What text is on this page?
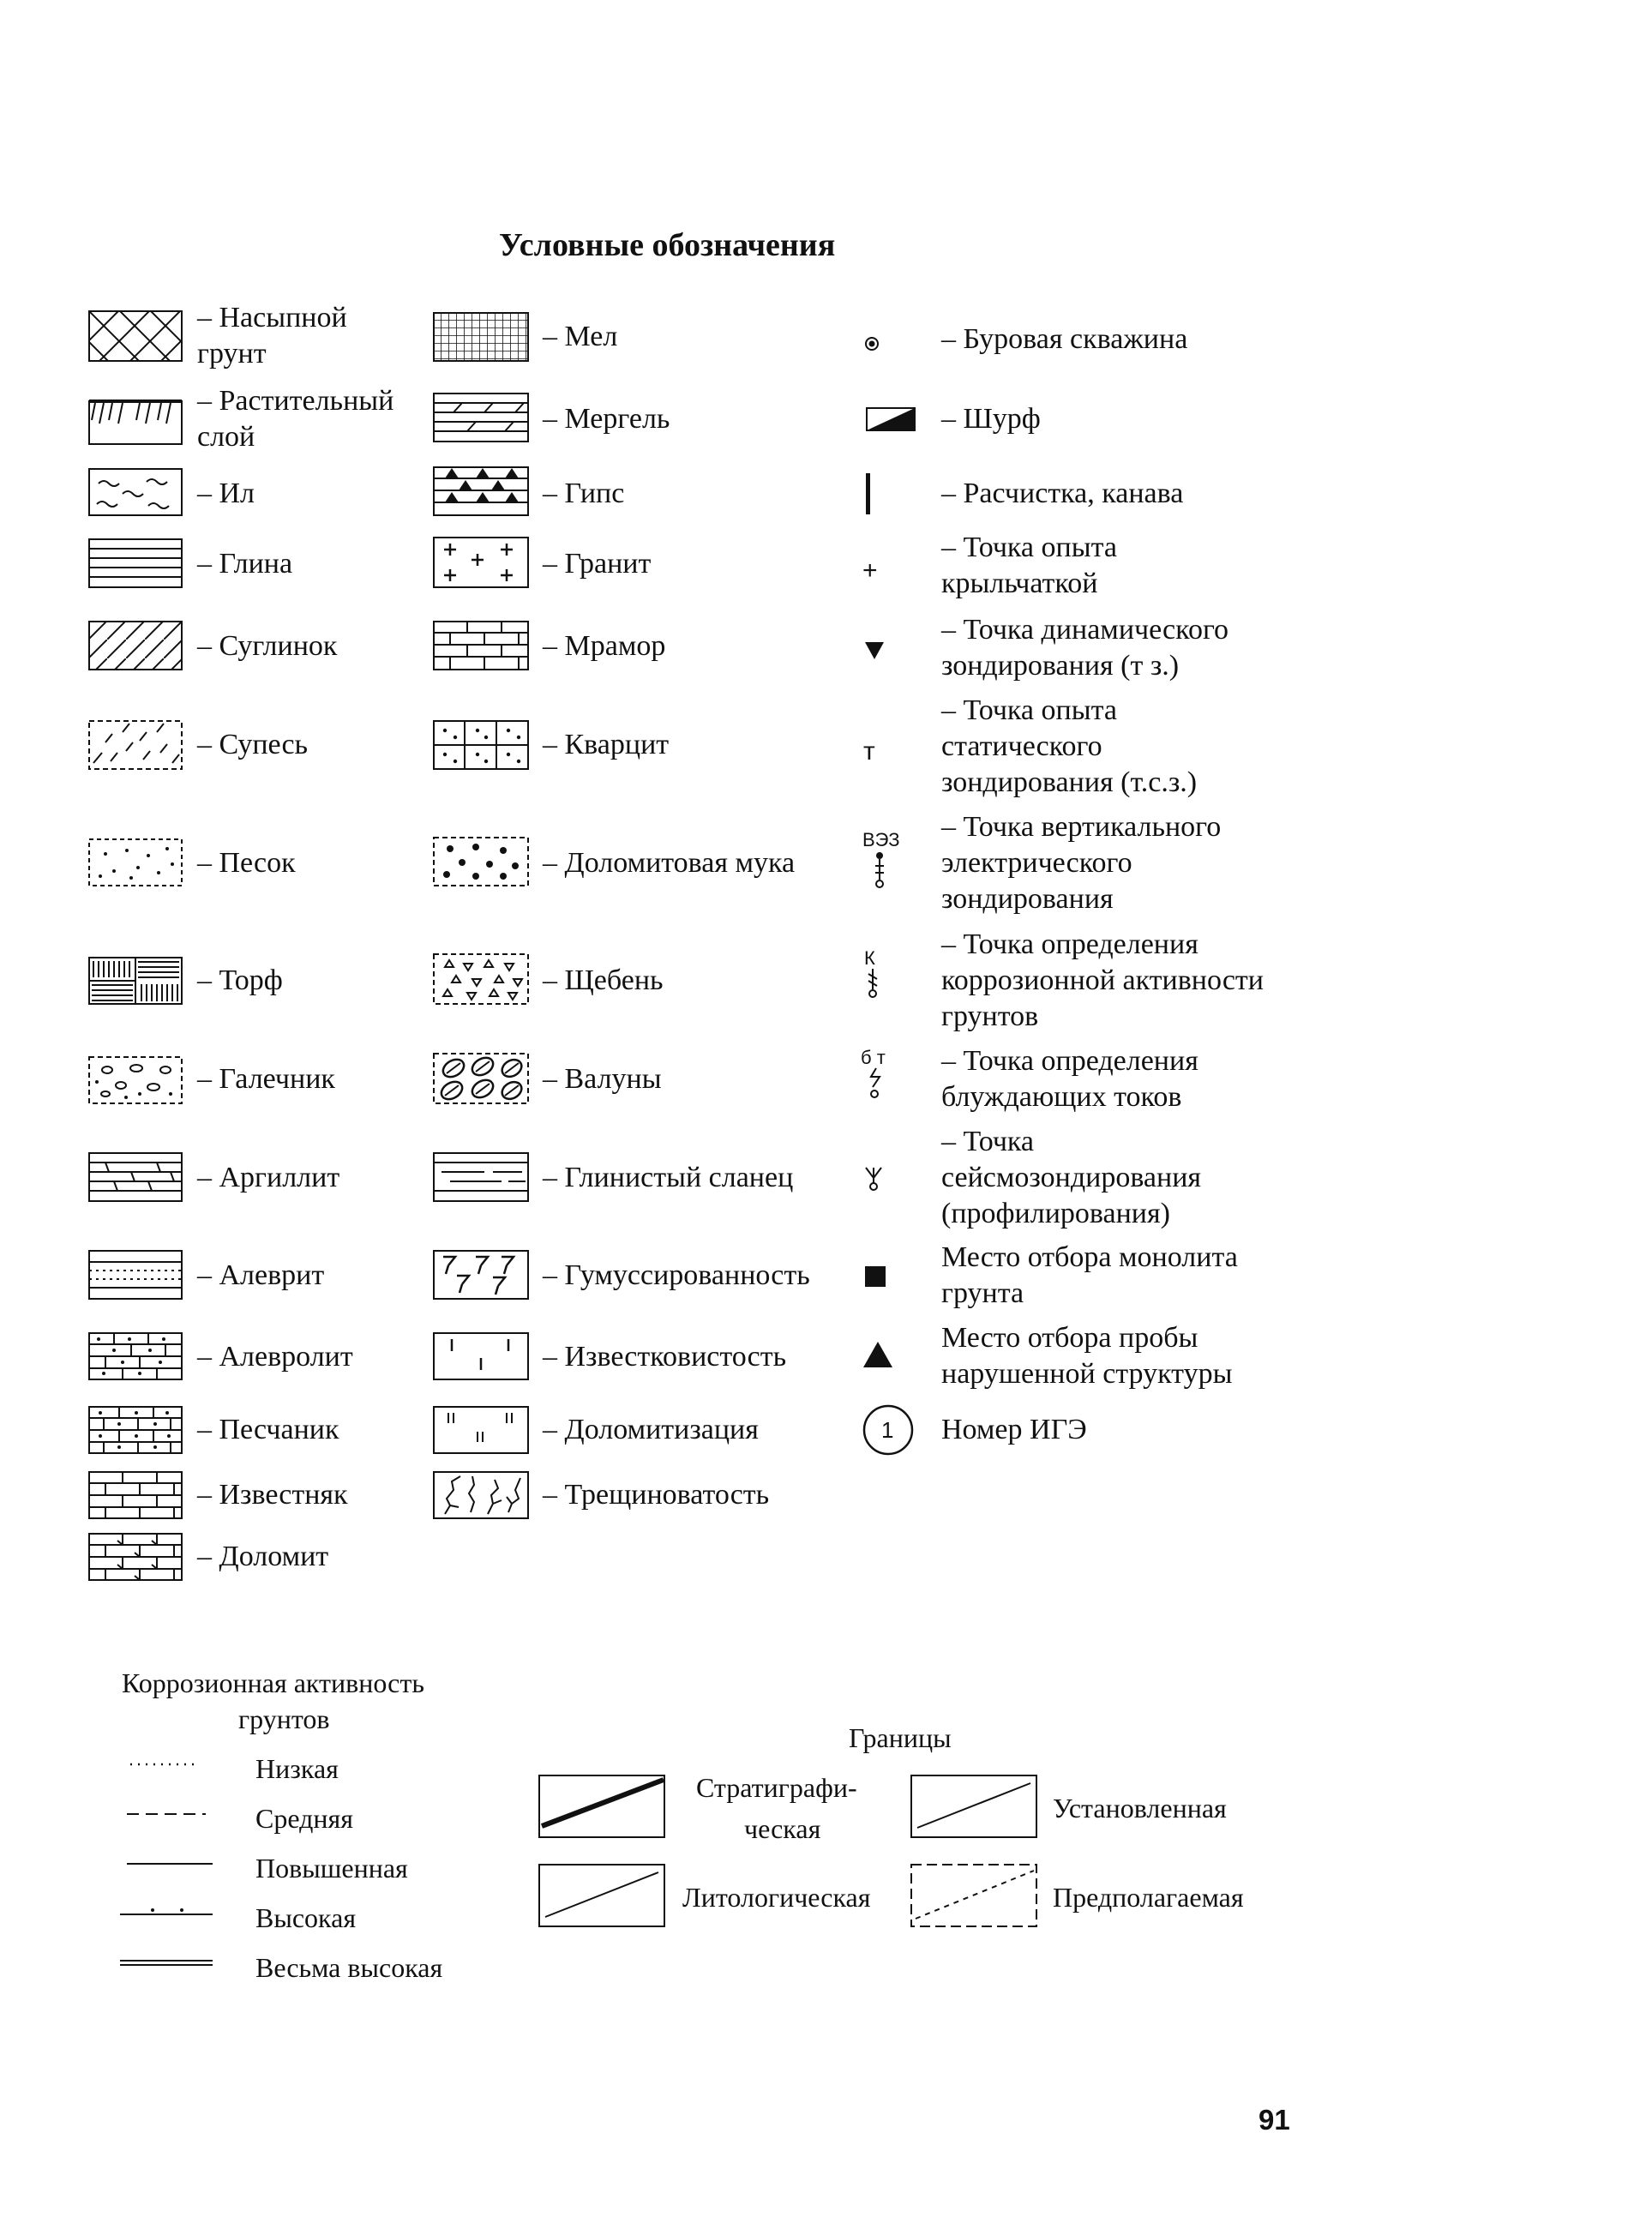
Условные обозначения
– Насыпной
грунт
– Растительный
слой
– Ил
– Глина
– Суглинок
– Супесь
– Песок
– Торф
– Галечник
– Аргиллит
– Алеврит
– Алевролит
– Песчаник
– Известняк
– Доломит
– Мел
– Мергель
– Гипс
– Гранит
– Мрамор
– Кварцит
– Доломитовая мука
– Щебень
– Валуны
– Глинистый сланец
– Гумуссированность
– Известковистость
– Доломитизация
– Трещиноватость
– Буровая скважина
– Шурф
– Расчистка, канава
+
– Точка опыта
крыльчаткой
– Точка динамического
зондирования (т з.)
т
– Точка опыта
статического
зондирования (т.с.з.)
ВЭЗ – Точка вертикального
электрического
зондирования
К – Точка определения
коррозионной активности
грунтов
б т – Точка определения
блуждающих токов
– Точка
сейсмозондирования
(профилирования)
Место отбора монолита
грунта
Место отбора пробы
нарушенной структуры
1 Номер ИГЭ
Коррозионная активность
грунтов
Низкая
Средняя
Повышенная
Высокая
Весьма высокая
Границы
Стратиграфи-
ческая
Установленная
Литологическая	Предполагаемая
91
